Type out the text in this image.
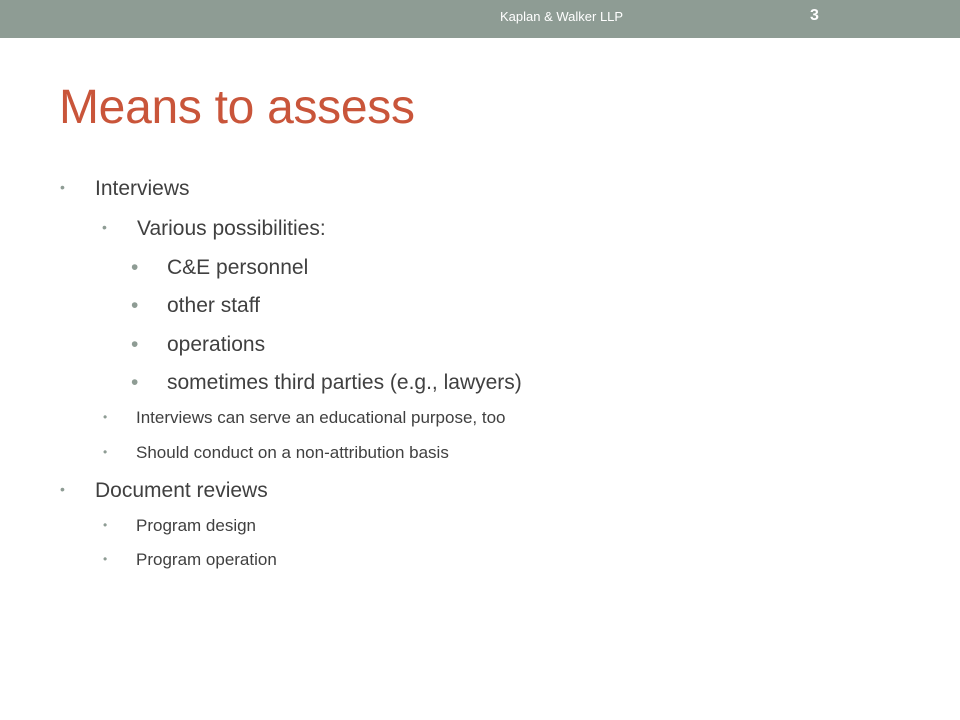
Kaplan & Walker LLP	3
Means to assess
• Interviews
• Various possibilities:
• C&E personnel
• other staff
• operations
• sometimes third parties (e.g., lawyers)
• Interviews can serve an educational purpose, too
• Should conduct on a non-attribution basis
• Document reviews
• Program design
• Program operation
